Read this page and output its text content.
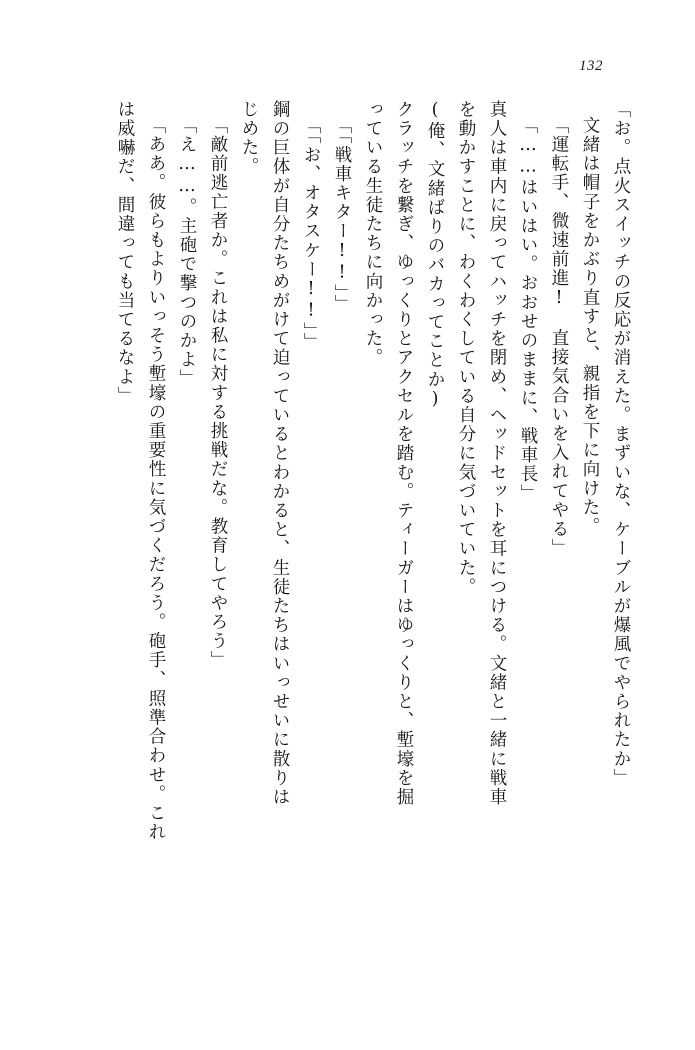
132
「お。点火スイッチの反応が消えた。まずいな、ケーブルが爆風でやられたか」
文緒は帽子をかぶり直すと、親指を下に向けた。
「運転手、微速前進!　直接気合いを入れてやる」
「……はいはい。おおせのままに、戦車長」
真人は車内に戻ってハッチを閉め、ヘッドセットを耳につける。文緒と一緒に戦車
を動かすことに、わくわくしている自分に気づいていた。
(俺、文緒ばりのバカってことか)
クラッチを繋ぎ、ゆっくりとアクセルを踏む。ティーガーはゆっくりと、塹壕を掘
っている生徒たちに向かった。
「「戦車キター!!」」
「「お、オタスケー!!」」
鋼の巨体が自分たちめがけて迫っているとわかると、生徒たちはいっせいに散りは
じめた。
「敵前逃亡者か。これは私に対する挑戦だな。教育してやろう」
「え……。主砲で撃つのかよ」
「ああ。彼らもよりいっそう塹壕の重要性に気づくだろう。砲手、照準合わせ。これ
は威嚇だ、間違っても当てるなよ」
